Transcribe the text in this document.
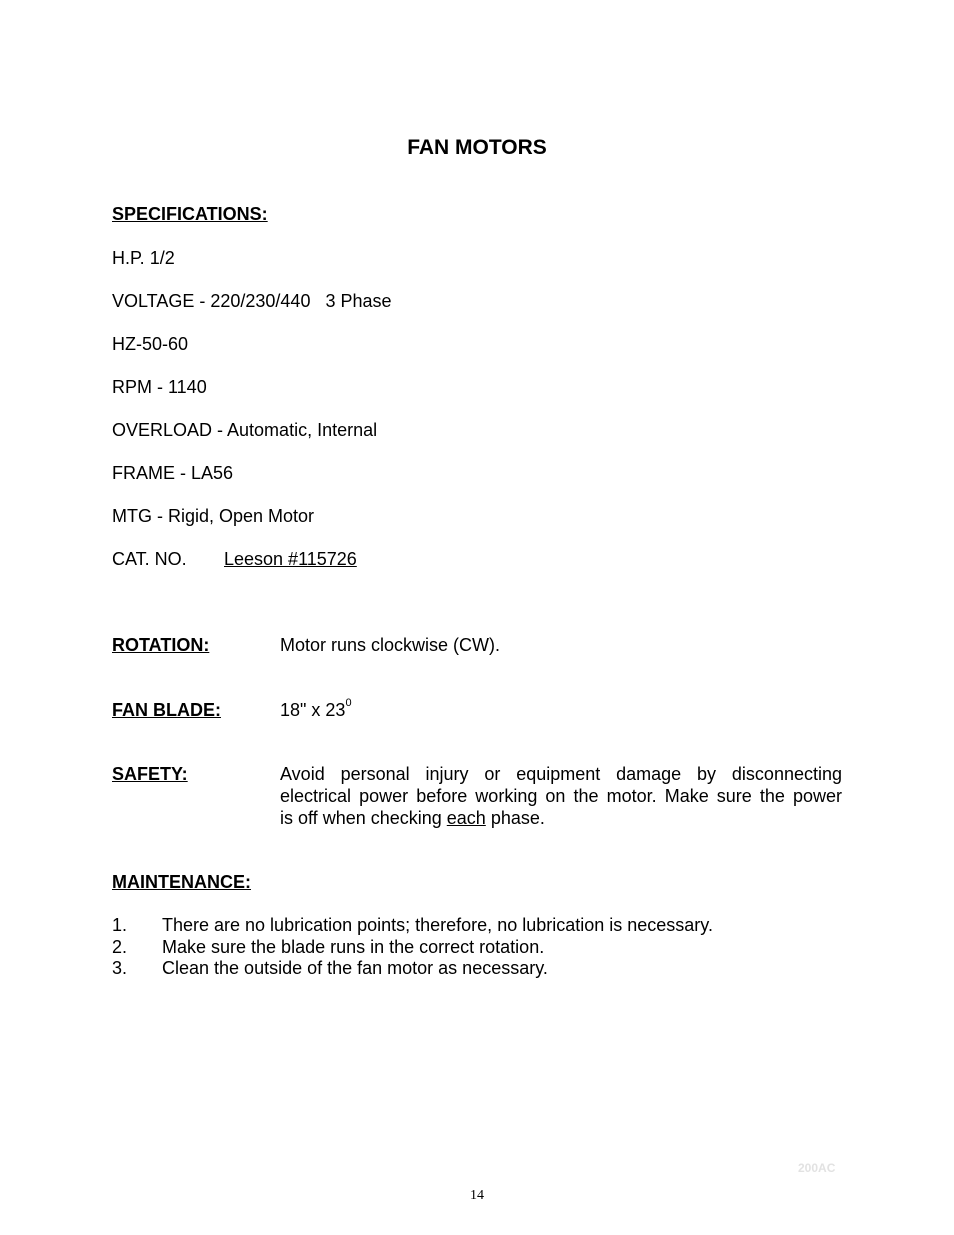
FAN MOTORS
SPECIFICATIONS:
H.P. 1/2
VOLTAGE - 220/230/440   3 Phase
HZ-50-60
RPM - 1140
OVERLOAD - Automatic, Internal
FRAME - LA56
MTG - Rigid, Open Motor
CAT. NO. Leeson #115726
ROTATION:	Motor runs clockwise (CW).
FAN BLADE:	18" x $23^0$
SAFETY:	Avoid personal injury or equipment damage by disconnecting
electrical power before working on the motor. Make sure the power
is off when checking each phase.
MAINTENANCE:
1. There are no lubrication points; therefore, no lubrication is necessary.
2. Make sure the blade runs in the correct rotation.
3. Clean the outside of the fan motor as necessary.
200AC
14
